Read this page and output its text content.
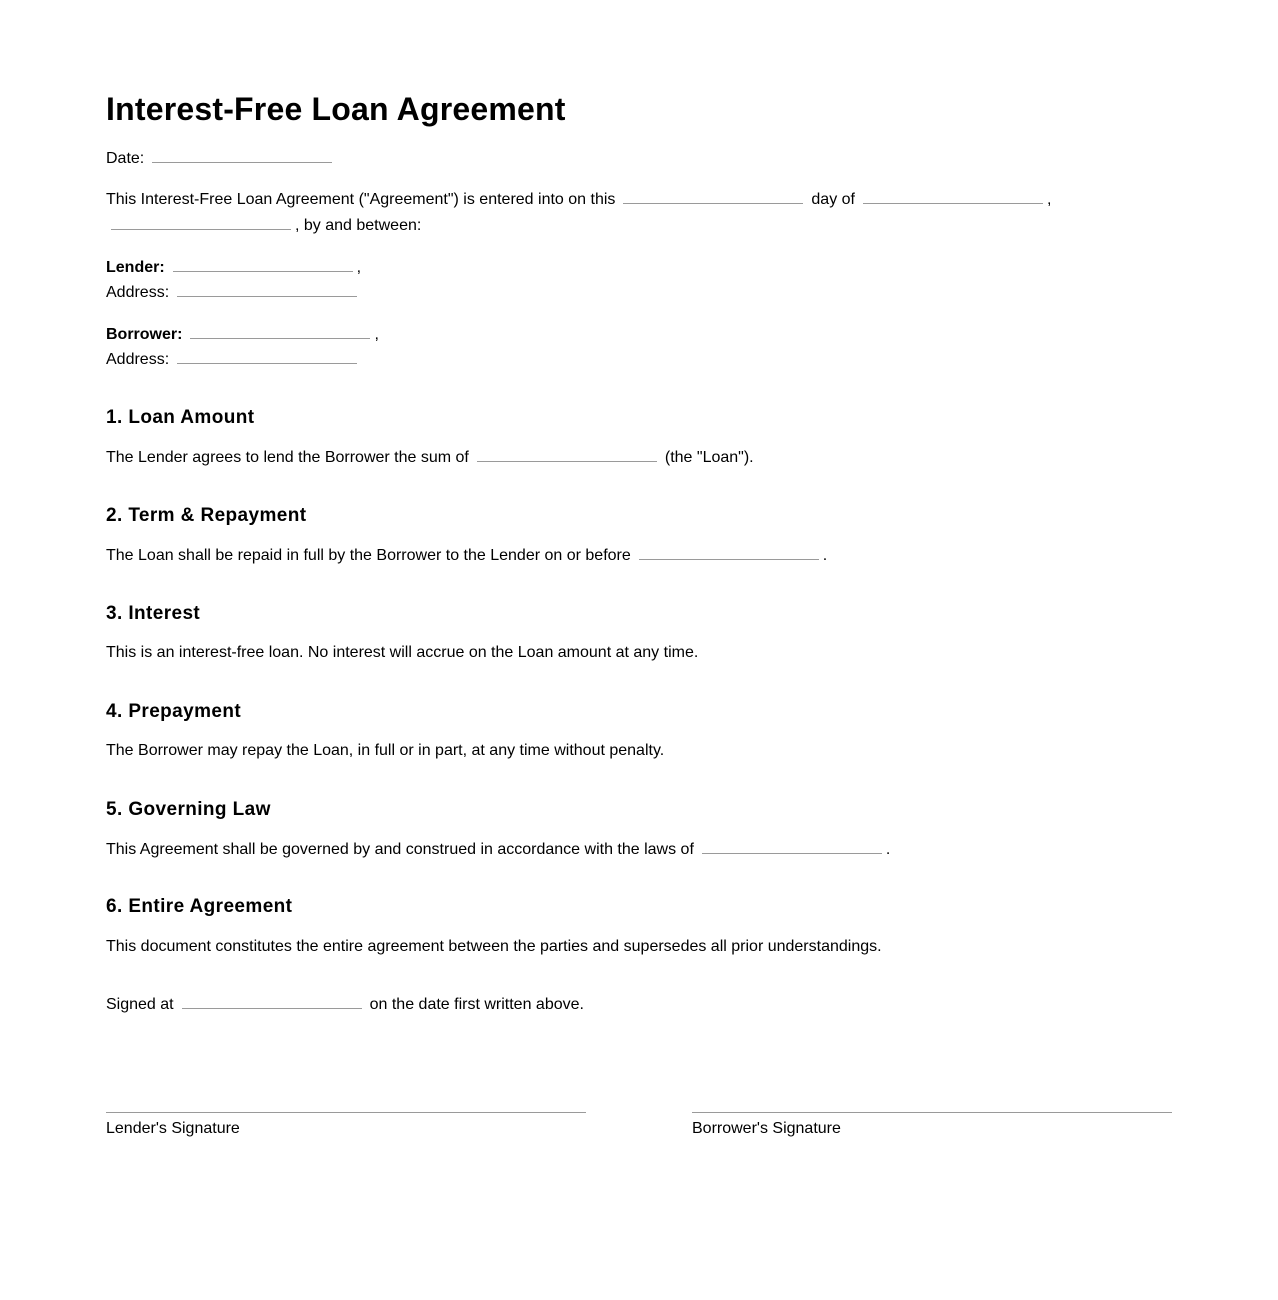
Interest-Free Loan Agreement
Date:
This Interest-Free Loan Agreement ("Agreement") is entered into on this	day of	,
, by and between:
Lender:	,
Address:
Borrower:	,
Address:
1. Loan Amount
The Lender agrees to lend the Borrower the sum of	(the "Loan").
2. Term & Repayment
The Loan shall be repaid in full by the Borrower to the Lender on or before	.
3. Interest
This is an interest-free loan. No interest will accrue on the Loan amount at any time.
4. Prepayment
The Borrower may repay the Loan, in full or in part, at any time without penalty.
5. Governing Law
This Agreement shall be governed by and construed in accordance with the laws of	.
6. Entire Agreement
This document constitutes the entire agreement between the parties and supersedes all prior understandings.
Signed at	on the date first written above.
Lender's Signature	Borrower's Signature
